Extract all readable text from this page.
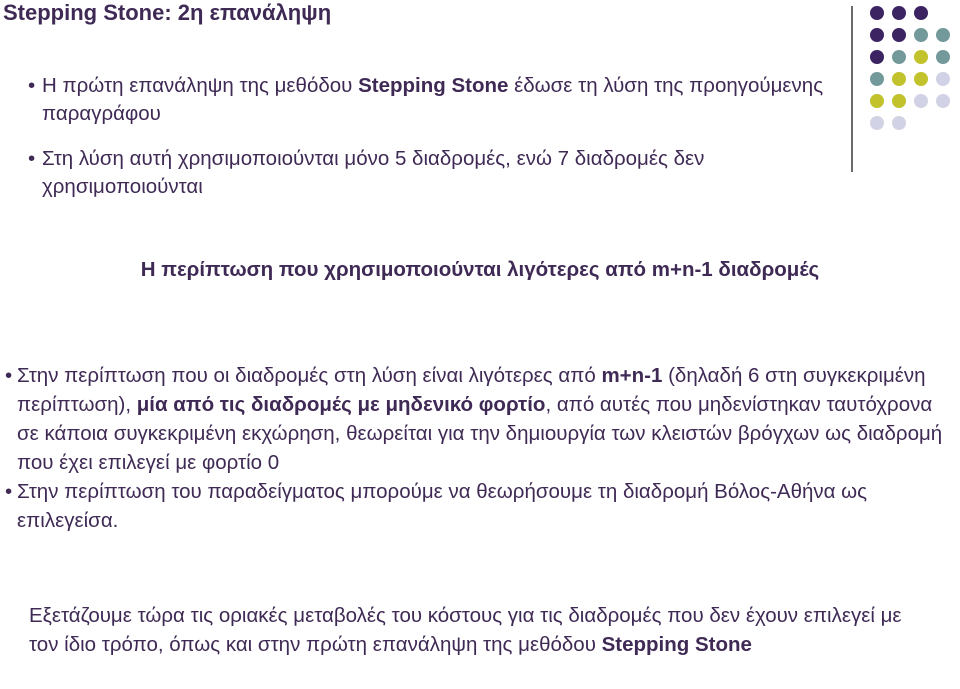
Stepping Stone: 2η επανάληψη
• Η πρώτη επανάληψη της μεθόδου Stepping Stone έδωσε τη λύση της προηγούμενης παραγράφου
• Στη λύση αυτή χρησιμοποιούνται μόνο 5 διαδρομές, ενώ 7 διαδρομές δεν χρησιμοποιούνται
Η περίπτωση που χρησιμοποιούνται λιγότερες από m+n-1 διαδρομές
• Στην περίπτωση που οι διαδρομές στη λύση είναι λιγότερες από m+n-1 (δηλαδή 6 στη συγκεκριμένη περίπτωση), μία από τις διαδρομές με μηδενικό φορτίο, από αυτές που μηδενίστηκαν ταυτόχρονα σε κάποια συγκεκριμένη εκχώρηση, θεωρείται για την δημιουργία των κλειστών βρόγχων ως διαδρομή που έχει επιλεγεί με φορτίο 0
• Στην περίπτωση του παραδείγματος μπορούμε να θεωρήσουμε τη διαδρομή Βόλος-Αθήνα ως επιλεγείσα.
Εξετάζουμε τώρα τις οριακές μεταβολές του κόστους για τις διαδρομές που δεν έχουν επιλεγεί με τον ίδιο τρόπο, όπως και στην πρώτη επανάληψη της μεθόδου Stepping Stone
